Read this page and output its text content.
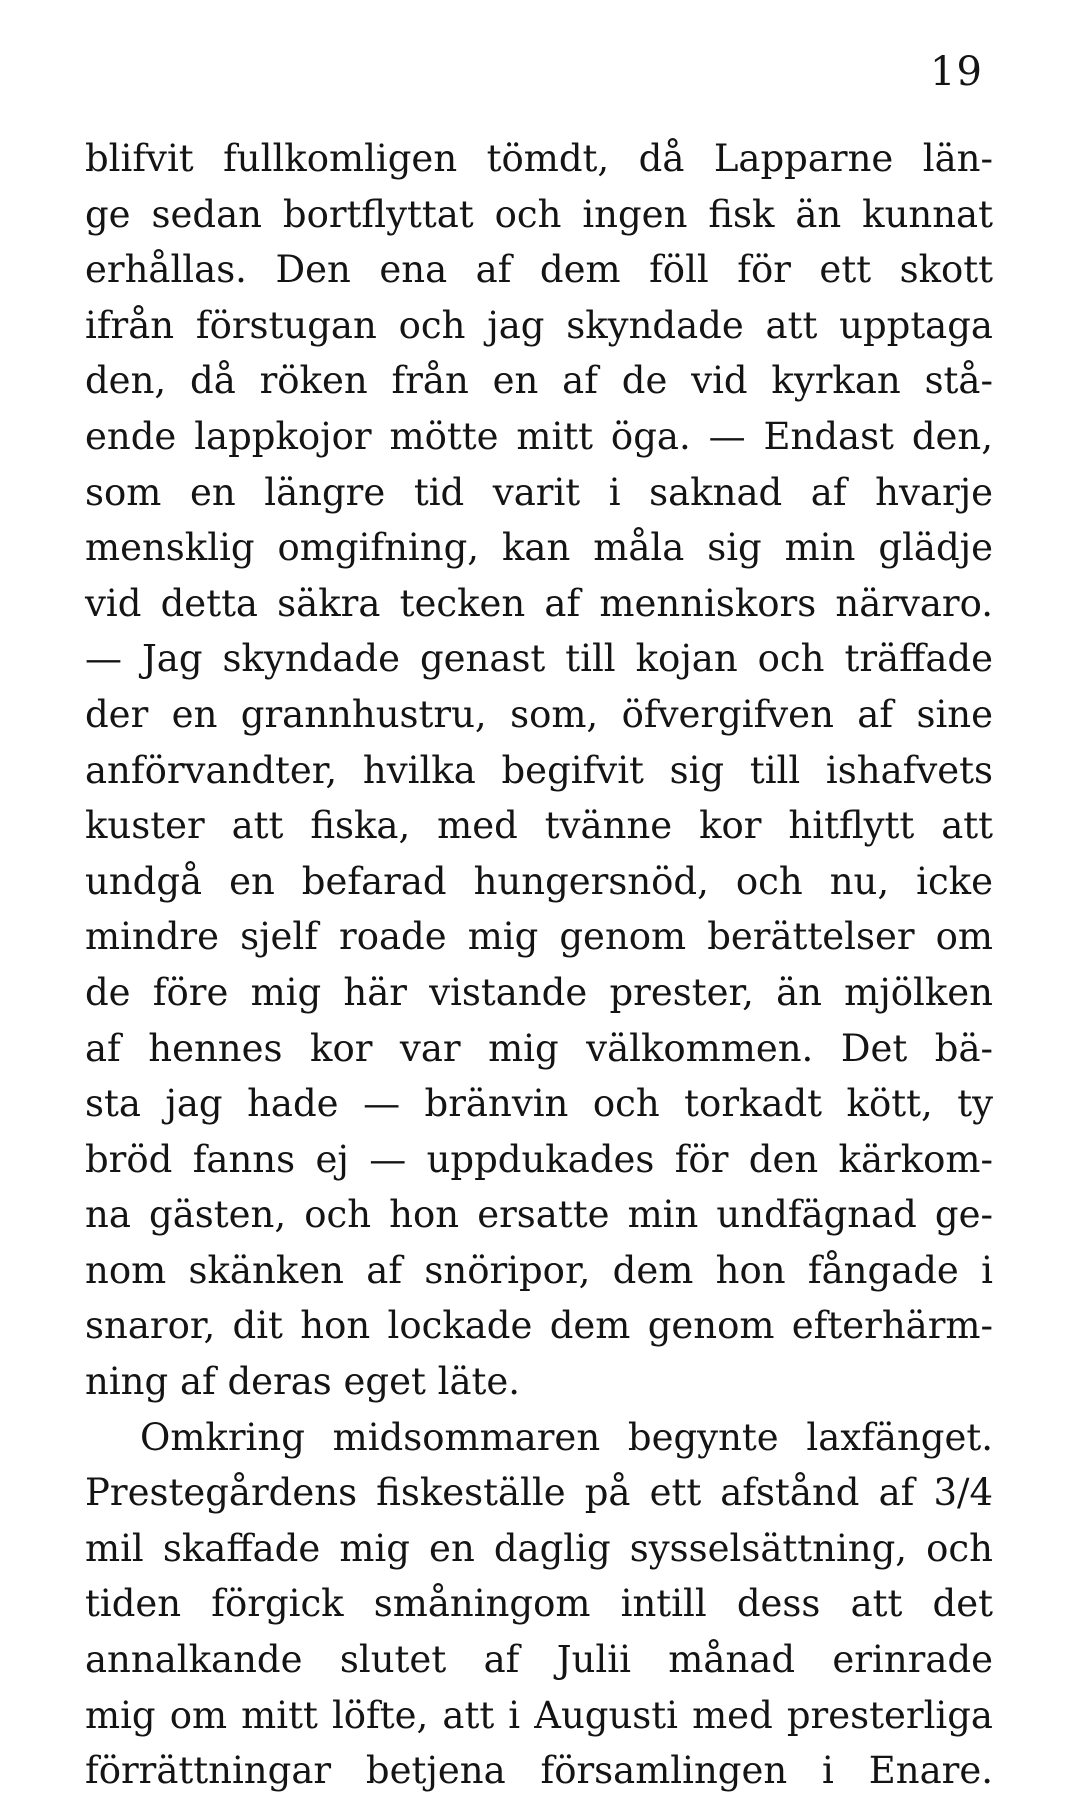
19
blifvit fullkomligen tömdt, då Lapparne län-
ge sedan bortflyttat och ingen fisk än kunnat
erhållas. Den ena af dem föll för ett skott
ifrån förstugan och jag skyndade att upptaga
den, då röken från en af de vid kyrkan stå-
ende lappkojor mötte mitt öga. — Endast den,
som en längre tid varit i saknad af hvarje
mensklig omgifning, kan måla sig min glädje
vid detta säkra tecken af menniskors närvaro.
— Jag skyndade genast till kojan och träffade
der en grannhustru, som, öfvergifven af sine
anförvandter, hvilka begifvit sig till ishafvets
kuster att fiska, med tvänne kor hitflytt att
undgå en befarad hungersnöd, och nu, icke
mindre sjelf roade mig genom berättelser om
de före mig här vistande prester, än mjölken
af hennes kor var mig välkommen. Det bä-
sta jag hade — bränvin och torkadt kött, ty
bröd fanns ej — uppdukades för den kärkom-
na gästen, och hon ersatte min undfägnad ge-
nom skänken af snöripor, dem hon fångade i
snaror, dit hon lockade dem genom efterhärm-
ning af deras eget läte.
Omkring midsommaren begynte laxfänget.
Prestegårdens fiskeställe på ett afstånd af 3/4
mil skaffade mig en daglig sysselsättning, och
tiden förgick småningom intill dess att det
annalkande slutet af Julii månad erinrade
mig om mitt löfte, att i Augusti med presterliga
förrättningar betjena församlingen i Enare.
